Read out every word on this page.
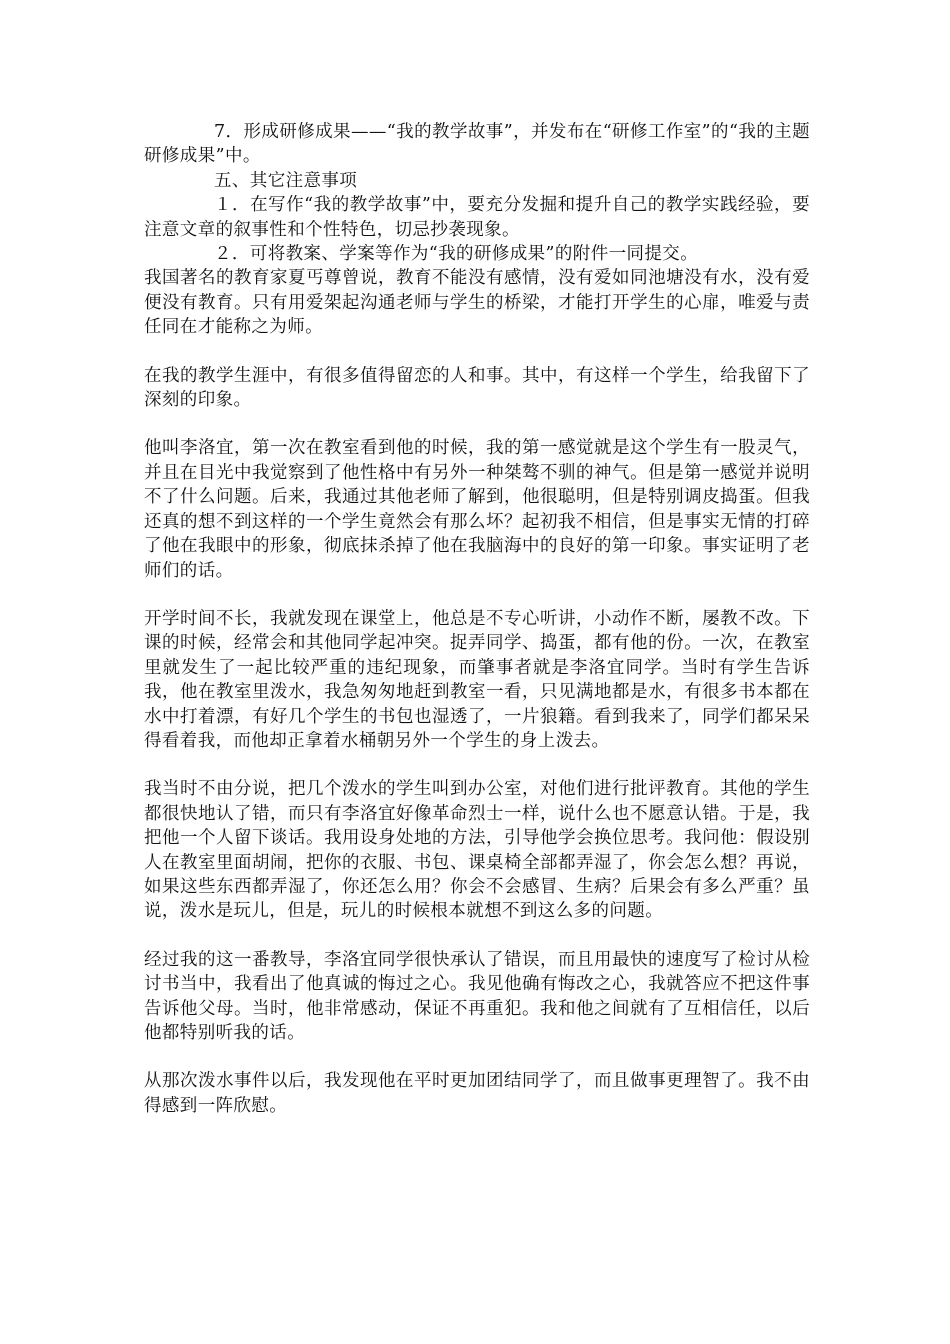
7．形成研修成果——“我的教学故事”，并发布在“研修工作室”的“我的主题研修成果”中。

五、其它注意事项

１．在写作“我的教学故事”中，要充分发掘和提升自己的教学实践经验，要注意文章的叙事性和个性特色，切忌抄袭现象。

２．可将教案、学案等作为“我的研修成果”的附件一同提交。

我国著名的教育家夏丐尊曾说，教育不能没有感情，没有爱如同池塘没有水，没有爱便没有教育。只有用爱架起沟通老师与学生的桥梁，才能打开学生的心扉，唯爱与责任同在才能称之为师。

在我的教学生涯中，有很多值得留恋的人和事。其中，有这样一个学生，给我留下了深刻的印象。

他叫李洛宜，第一次在教室看到他的时候，我的第一感觉就是这个学生有一股灵气，并且在目光中我觉察到了他性格中有另外一种桀骜不驯的神气。但是第一感觉并说明不了什么问题。后来，我通过其他老师了解到，他很聪明，但是特别调皮捣蛋。但我还真的想不到这样的一个学生竟然会有那么坏？起初我不相信，但是事实无情的打碎了他在我眼中的形象，彻底抹杀掉了他在我脑海中的良好的第一印象。事实证明了老师们的话。

开学时间不长，我就发现在课堂上，他总是不专心听讲，小动作不断，屡教不改。下课的时候，经常会和其他同学起冲突。捉弄同学、捣蛋，都有他的份。一次，在教室里就发生了一起比较严重的违纪现象，而肇事者就是李洛宜同学。当时有学生告诉我，他在教室里泼水，我急匆匆地赶到教室一看，只见满地都是水，有很多书本都在水中打着漂，有好几个学生的书包也湿透了，一片狼籍。看到我来了，同学们都呆呆得看着我，而他却正拿着水桶朝另外一个学生的身上泼去。

我当时不由分说，把几个泼水的学生叫到办公室，对他们进行批评教育。其他的学生都很快地认了错，而只有李洛宜好像革命烈士一样，说什么也不愿意认错。于是，我把他一个人留下谈话。我用设身处地的方法，引导他学会换位思考。我问他：假设别人在教室里面胡闹，把你的衣服、书包、课桌椅全部都弄湿了，你会怎么想？再说，如果这些东西都弄湿了，你还怎么用？你会不会感冒、生病？后果会有多么严重？虽说，泼水是玩儿，但是，玩儿的时候根本就想不到这么多的问题。

经过我的这一番教导，李洛宜同学很快承认了错误，而且用最快的速度写了检讨从检讨书当中，我看出了他真诚的悔过之心。我见他确有悔改之心，我就答应不把这件事告诉他父母。当时，他非常感动，保证不再重犯。我和他之间就有了互相信任，以后他都特别听我的话。

从那次泼水事件以后，我发现他在平时更加团结同学了，而且做事更理智了。我不由得感到一阵欣慰。
